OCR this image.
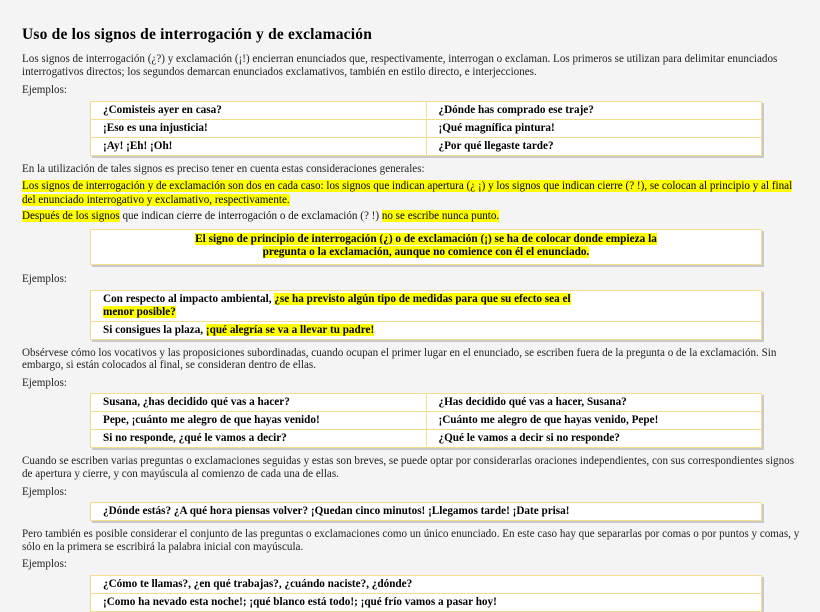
Uso de los signos de interrogación y de exclamación

Los signos de interrogación (¿?) y exclamación (¡!) encierran enunciados que, respectivamente, interrogan o exclaman. Los primeros se utilizan para delimitar enunciados interrogativos directos; los segundos demarcan enunciados exclamativos, también en estilo directo, e interjecciones.

Ejemplos:

¿Comisteis ayer en casa?	¿Dónde has comprado ese traje?
¡Eso es una injusticia!	¡Qué magnífica pintura!
¡Ay! ¡Eh! ¡Oh!	¿Por qué llegaste tarde?

En la utilización de tales signos es preciso tener en cuenta estas consideraciones generales:

Los signos de interrogación y de exclamación son dos en cada caso: los signos que indican apertura (¿ ¡) y los signos que indican cierre (? !), se colocan al principio y al final del enunciado interrogativo y exclamativo, respectivamente.

Después de los signos que indican cierre de interrogación o de exclamación (? !) no se escribe nunca punto.

El signo de principio de interrogación (¿) o de exclamación (¡) se ha de colocar donde empieza la
pregunta o la exclamación, aunque no comience con él el enunciado.

Ejemplos:

Con respecto al impacto ambiental, ¿se ha previsto algún tipo de medidas para que su efecto sea el
menor posible?
Si consigues la plaza, ¡qué alegría se va a llevar tu padre!

Obsérvese cómo los vocativos y las proposiciones subordinadas, cuando ocupan el primer lugar en el enunciado, se escriben fuera de la pregunta o de la exclamación. Sin embargo, si están colocados al final, se consideran dentro de ellas.

Ejemplos:

Susana, ¿has decidido qué vas a hacer?	¿Has decidido qué vas a hacer, Susana?
Pepe, ¡cuánto me alegro de que hayas venido!	¡Cuánto me alegro de que hayas venido, Pepe!
Si no responde, ¿qué le vamos a decir?	¿Qué le vamos a decir si no responde?

Cuando se escriben varias preguntas o exclamaciones seguidas y estas son breves, se puede optar por considerarlas oraciones independientes, con sus correspondientes signos de apertura y cierre, y con mayúscula al comienzo de cada una de ellas.

Ejemplos:

¿Dónde estás? ¿A qué hora piensas volver? ¡Quedan cinco minutos! ¡Llegamos tarde! ¡Date prisa!

Pero también es posible considerar el conjunto de las preguntas o exclamaciones como un único enunciado. En este caso hay que separarlas por comas o por puntos y comas, y sólo en la primera se escribirá la palabra inicial con mayúscula.

Ejemplos:

¿Cómo te llamas?, ¿en qué trabajas?, ¿cuándo naciste?, ¿dónde?
¡Como ha nevado esta noche!; ¡qué blanco está todo!; ¡qué frío vamos a pasar hoy!
